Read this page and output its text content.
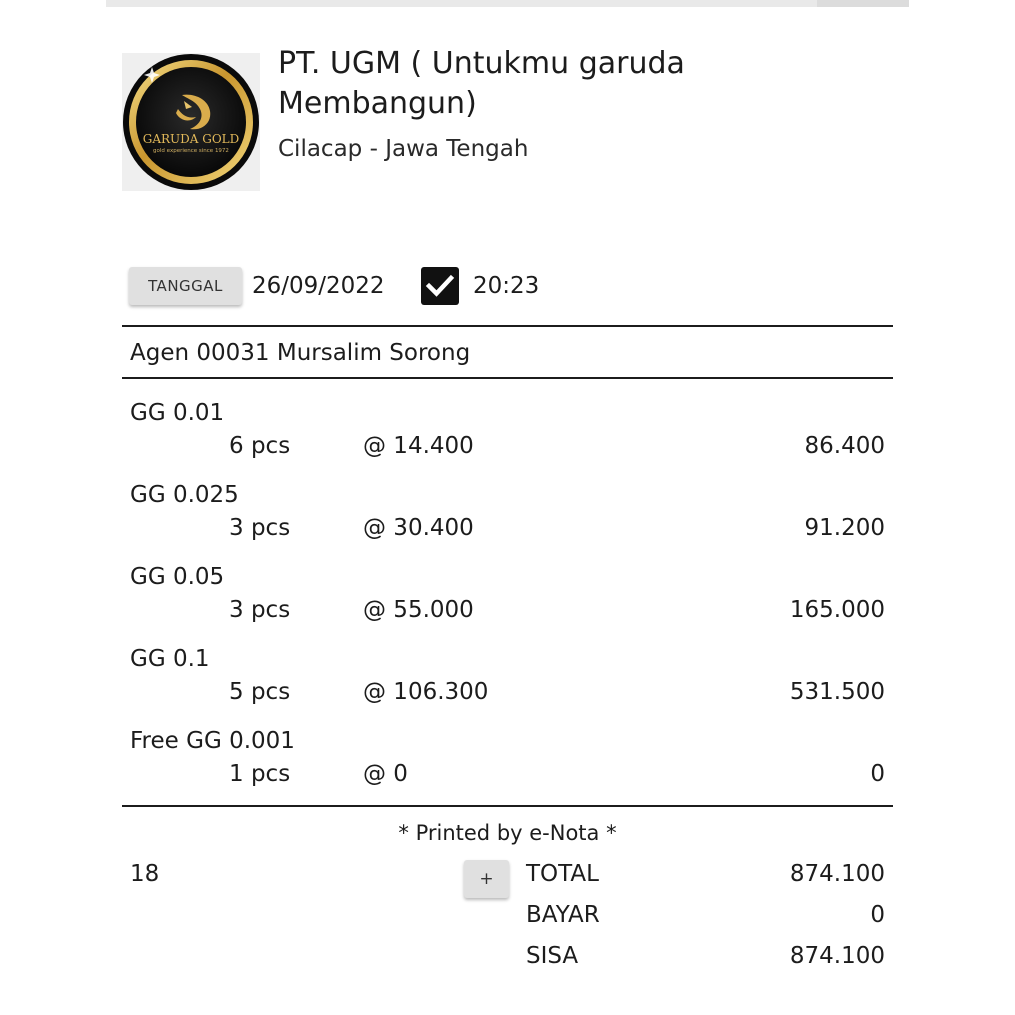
GARUDA GOLD
gold experience since 1972
PT. UGM ( Untukmu garuda Membangun)
Cilacap - Jawa Tengah
TANGGAL	26/09/2022	20:23
Agen 00031 Mursalim Sorong
GG 0.01
6 pcs	@ 14.400	86.400
GG 0.025
3 pcs	@ 30.400	91.200
GG 0.05
3 pcs	@ 55.000	165.000
GG 0.1
5 pcs	@ 106.300	531.500
Free GG 0.001
1 pcs	@ 0	0
* Printed by e-Nota *
18	+	TOTAL	874.100
BAYAR	0
SISA	874.100
